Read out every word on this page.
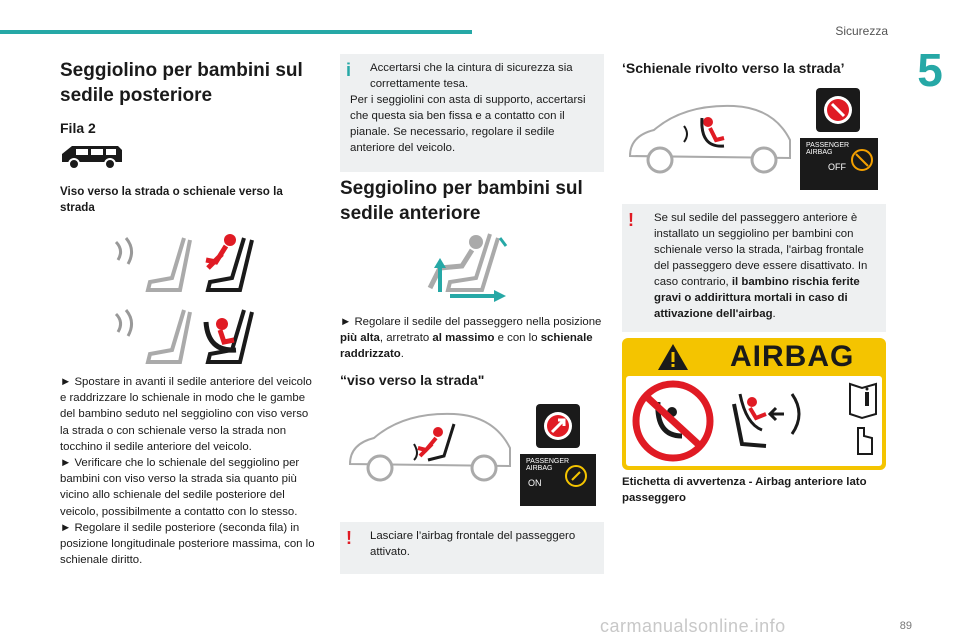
Sicurezza
5
Seggiolino per bambini sul sedile posteriore
Fila 2
Viso verso la strada o schienale verso la strada

► Spostare in avanti il sedile anteriore del veicolo e raddrizzare lo schienale in modo che le gambe del bambino seduto nel seggiolino con viso verso la strada o con schienale verso la strada non tocchino il sedile anteriore del veicolo.

► Verificare che lo schienale del seggiolino per bambini con viso verso la strada sia quanto più vicino allo schienale del sedile posteriore del veicolo, possibilmente a contatto con lo stesso.

► Regolare il sedile posteriore (seconda fila) in posizione longitudinale posteriore massima, con lo schienale diritto.

i	Accertarsi che la cintura di sicurezza sia correttamente tesa.
Per i seggiolini con asta di supporto, accertarsi che questa sia ben fissa e a contatto con il pianale. Se necessario, regolare il sedile anteriore del veicolo.
Seggiolino per bambini sul sedile anteriore
► Regolare il sedile del passeggero nella posizione più alta, arretrato al massimo e con lo schienale raddrizzato.
“viso verso la strada"
PASSENGER
AIRBAG
ON
!	Lasciare l’airbag frontale del passeggero attivato.
‘Schienale rivolto verso la strada’
PASSENGER
AIRBAG
OFF
!	Se sul sedile del passeggero anteriore è installato un seggiolino per bambini con schienale verso la strada, l'airbag frontale del passeggero deve essere disattivato. In caso contrario, il bambino rischia ferite gravi o addirittura mortali in caso di attivazione dell'airbag.
AIRBAG
Etichetta di avvertenza - Airbag anteriore lato passeggero
89
carmanualsonline.info
